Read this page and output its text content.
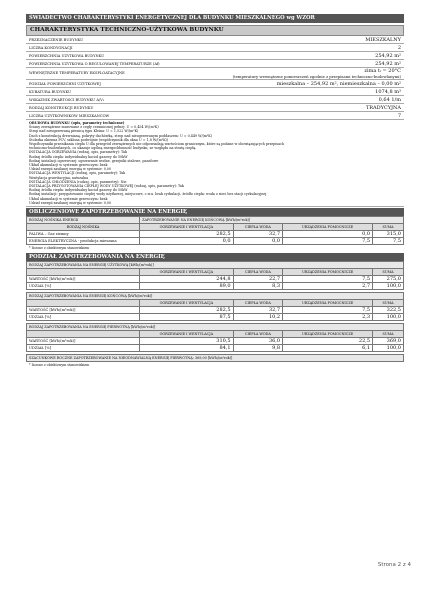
ŚWIADECTWO CHARAKTERYSTYKI ENERGETYCZNEJ DLA BUDYNKU MIESZKALNEGO wg WZOR
CHARAKTERYSTYKA TECHNICZNO-UŻYTKOWA BUDYNKU
PRZEZNACZENIE BUDYNKU	MIESZKALNY
LICZBA KONDYGNACJI	2
POWIERZCHNIA UŻYTKOWA BUDYNKU	254,92 m²
POWIERZCHNIA UŻYTKOWA O REGULOWANEJ TEMPERATURZE (Af)	254,92 m²
WEWNĘTRZNE TEMPERATURY EKSPLOATACYJNE	zima tᵢ = 20°C
(temperatury wewnętrzne pomieszczeń zgodnie z przepisami techniczno-budowlanymi)
PODZIAŁ POWIERZCHNI UŻYTKOWEJ	mieszkalna – 254,92 m², niemieszkalna – 0,00 m²
KUBATURA BUDYNKU	1074,8 m³
WSKAŹNIK ZWARTOŚCI BUDYNKU A/V₂	0,64 1/m
RODZAJ KONSTRUKCJI BUDYNKU	TRADYCYJNA
LICZBA UŻYTKOWNIKÓW MIESZKAŃCÓW	7
OBUDOWA BUDYNKU (opis, parametry techniczne)
Ściany zewnętrzne murowane z cegły ceramicznej pełnej: U = 0,454 W/(m²K)
Strop nad nieogrzewaną piwnicą typu Kleina: U = 1,522 W/(m²K)
Dach z konstrukcją drewnianą, pokryty dachówką, strop nad nieogrzewanym poddaszem: U = 0,449 W/(m²K)
Stolarka okienna PCV, szklona podwójnie (współczynnik dla okna U = 1,8 W/(m²K))
Współczynniki przenikania ciepła U dla przegród zewnętrznych nie odpowiadają wartościom granicznym, które są podane w obowiązujących przepisach
techniczno-budowlanych, co ukazuje ogólną energochłonność budynku, ze względu na stratę ciepłą.
INSTALACJA OGRZEWANIA (rodzaj, opis, parametry): Tak
Rodzaj źródła ciepła: indywidualny kocioł gazowy do 50kW
Rodzaj instalacji ogrzewczej: ogrzewanie wodne, grzejniki stalowe, panelowe
Układ akumulacji w systemie grzewczym: brak
Udział energii zasilanej energią w systemie: 0,00
INSTALACJA WENTYLACJI (rodzaj, opis, parametry): Tak
Wentylacja grawitacyjna, naturalna
INSTALACJA CHŁODZENIA (rodzaj, opis, parametry): Nie
INSTALACJA PRZYGOTOWANIA CIEPŁEJ WODY UŻYTKOWEJ (rodzaj, opis, parametry): Tak
Rodzaj źródła ciepła: indywidualny kocioł gazowy do 50kW
Rodzaj instalacji: przygotowanie ciepłej wody użytkowej, miejscowe, c.w.u. brak cyrkulacji, źródło ciepła: woda z sieci bez stacji cyrkulacyjnej
Układ akumulacji w systemie grzewczym: brak
Udział energii zasilanej energią w systemie: 0,00
OBLICZENIOWE ZAPOTRZEBOWANIE NA ENERGIĘ
RODZAJ NOŚNIKA ENERGII	ZAPOTRZEBOWANIE NA ENERGIĘ KOŃCOWĄ [kWh/(m²rok)]			
RODZAJ NOŚNIKA	OGRZEWANIE I WENTYLACJA	CIEPŁA WODA	URZĄDZENIA POMOCNICZE	SUMA
PALIWA – Gaz ziemny	282,5	32,7	0,0	315,0
ENERGIA ELEKTRYCZNA - produkcja mieszana	0,0	0,0	7,5	7,5
* liczone z obiektowym stanowiskiem
PODZIAŁ ZAPOTRZEBOWANIA NA ENERGIĘ
RODZAJ ZAPOTRZEBOWANIA NA ENERGIĘ UŻYTKOWĄ [kWh/(m²rok)]				
	OGRZEWANIE I WENTYLACJA	CIEPŁA WODA	URZĄDZENIA POMOCNICZE	SUMA
WARTOŚĆ [kWh/(m²rok)]	244,8	22,7	7,5	275,0
UDZIAŁ [%]	89,0	8,3	2,7	100,0
RODZAJ ZAPOTRZEBOWANIA NA ENERGIĘ KOŃCOWĄ [kWh/(m²rok)]				
	OGRZEWANIE I WENTYLACJA	CIEPŁA WODA	URZĄDZENIA POMOCNICZE	SUMA
WARTOŚĆ [kWh/(m²rok)]	282,5	32,7	7,5	322,5
UDZIAŁ [%]	87,5	10,2	2,3	100,0
RODZAJ ZAPOTRZEBOWANIA NA ENERGIĘ PIERWOTNĄ [kWh/(m²rok)]				
	OGRZEWANIE I WENTYLACJA	CIEPŁA WODA	URZĄDZENIA POMOCNICZE	SUMA
WARTOŚĆ [kWh/(m²rok)]	310,5	36,0	22,5	369,0
UDZIAŁ [%]	84,1	9,8	6,1	100,0
SZACUNKOWE ROCZNE ZAPOTRZEBOWANIE NA NIEODNAWIALNĄ ENERGIĘ PIERWOTNĄ: 369,00 [kWh/(m²rok)]
* liczone z obiektowym stanowiskiem
Strona 2 z 4
